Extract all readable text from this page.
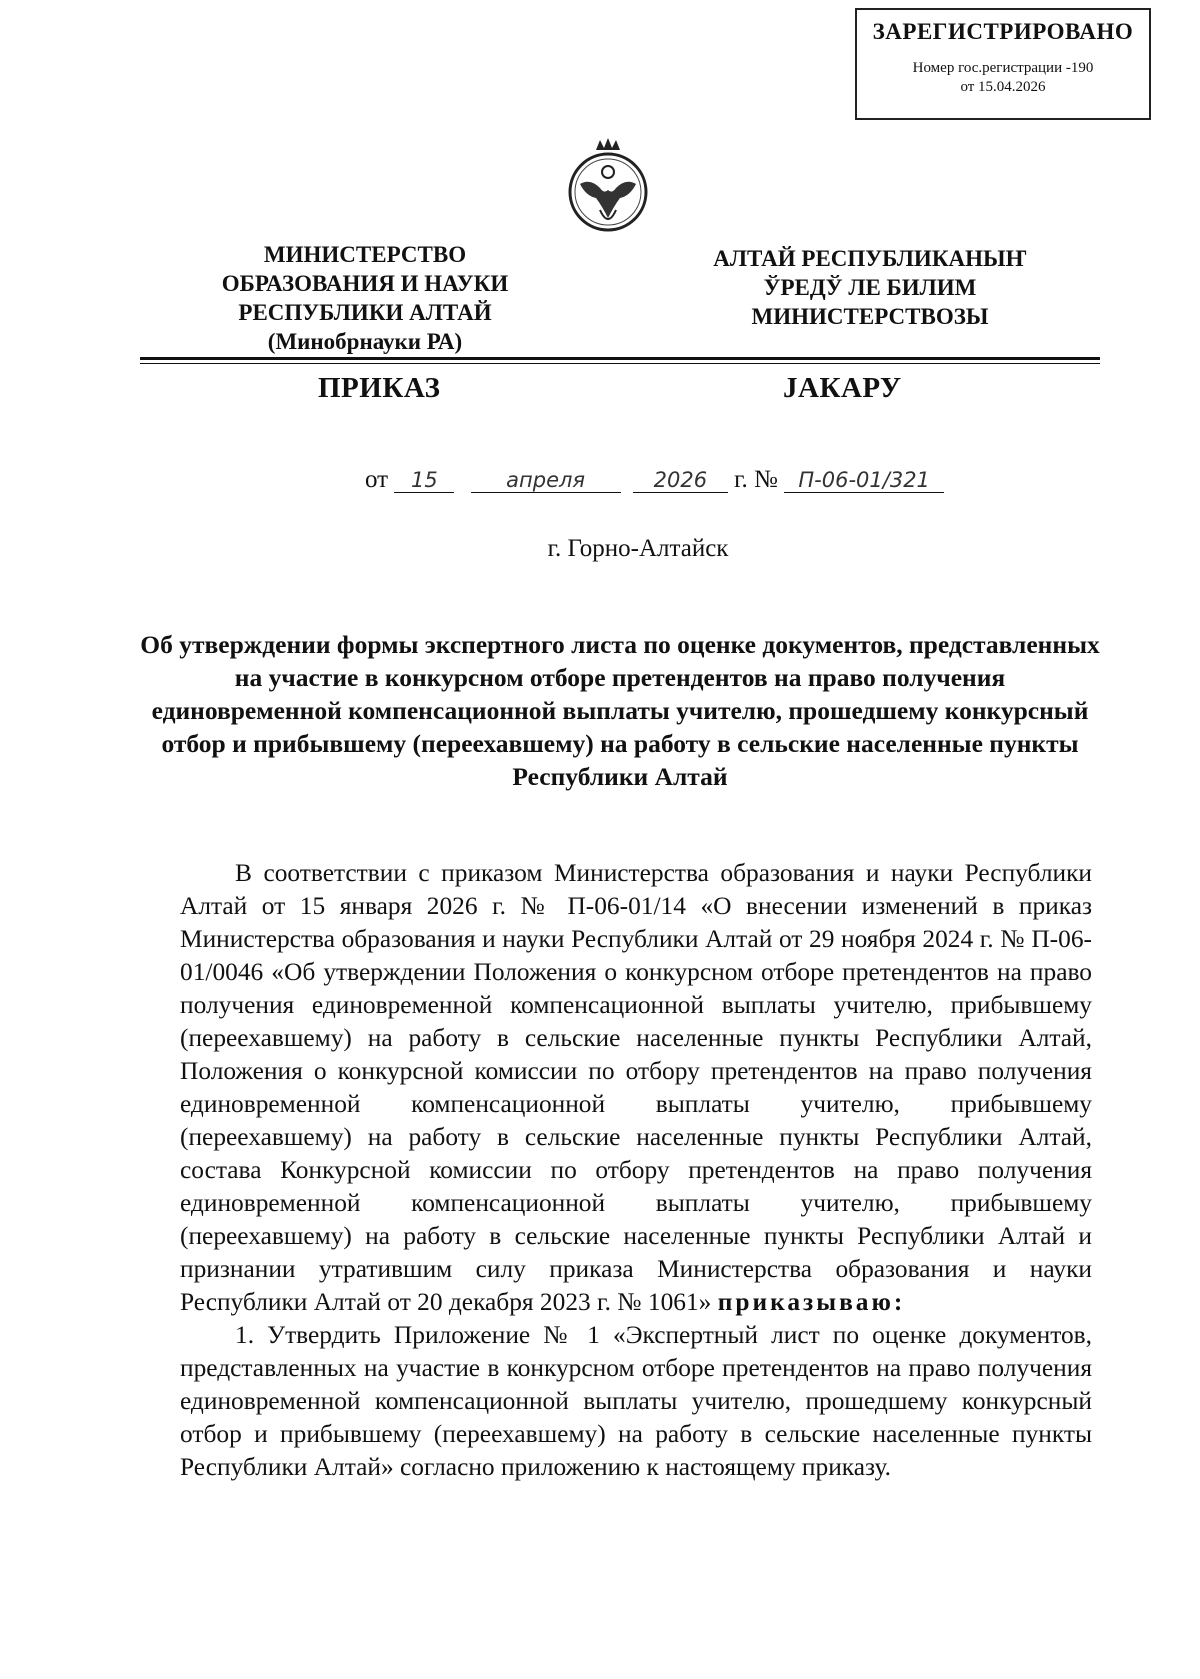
ЗАРЕГИСТРИРОВАНО
Номер гос.регистрации -190
от 15.04.2026
МИНИСТЕРСТВО
ОБРАЗОВАНИЯ И НАУКИ
РЕСПУБЛИКИ АЛТАЙ
(Минобрнауки РА)
АЛТАЙ РЕСПУБЛИКАНЫҤ
ЎРЕДЎ ЛЕ БИЛИМ
МИНИСТЕРСТВОЗЫ
ПРИКАЗ	JАКАРУ
от 15	апреля	2026 г. № П-06-01/321
г. Горно-Алтайск
Об утверждении формы экспертного листа по оценке документов, представленных на участие в конкурсном отборе претендентов на право получения единовременной компенсационной выплаты учителю, прошедшему конкурсный отбор и прибывшему (переехавшему) на работу в сельские населенные пункты Республики Алтай

В соответствии с приказом Министерства образования и науки Республики Алтай от 15 января 2026 г. № П-06-01/14 «О внесении изменений в приказ Министерства образования и науки Республики Алтай от 29 ноября 2024 г. № П-06-01/0046 «Об утверждении Положения о конкурсном отборе претендентов на право получения единовременной компенсационной выплаты учителю, прибывшему (переехавшему) на работу в сельские населенные пункты Республики Алтай, Положения о конкурсной комиссии по отбору претендентов на право получения единовременной компенсационной выплаты учителю, прибывшему (переехавшему) на работу в сельские населенные пункты Республики Алтай, состава Конкурсной комиссии по отбору претендентов на право получения единовременной компенсационной выплаты учителю, прибывшему (переехавшему) на работу в сельские населенные пункты Республики Алтай и признании утратившим силу приказа Министерства образования и науки Республики Алтай от 20 декабря 2023 г. № 1061» приказываю:

1. Утвердить Приложение № 1 «Экспертный лист по оценке документов, представленных на участие в конкурсном отборе претендентов на право получения единовременной компенсационной выплаты учителю, прошедшему конкурсный отбор и прибывшему (переехавшему) на работу в сельские населенные пункты Республики Алтай» согласно приложению к настоящему приказу.
